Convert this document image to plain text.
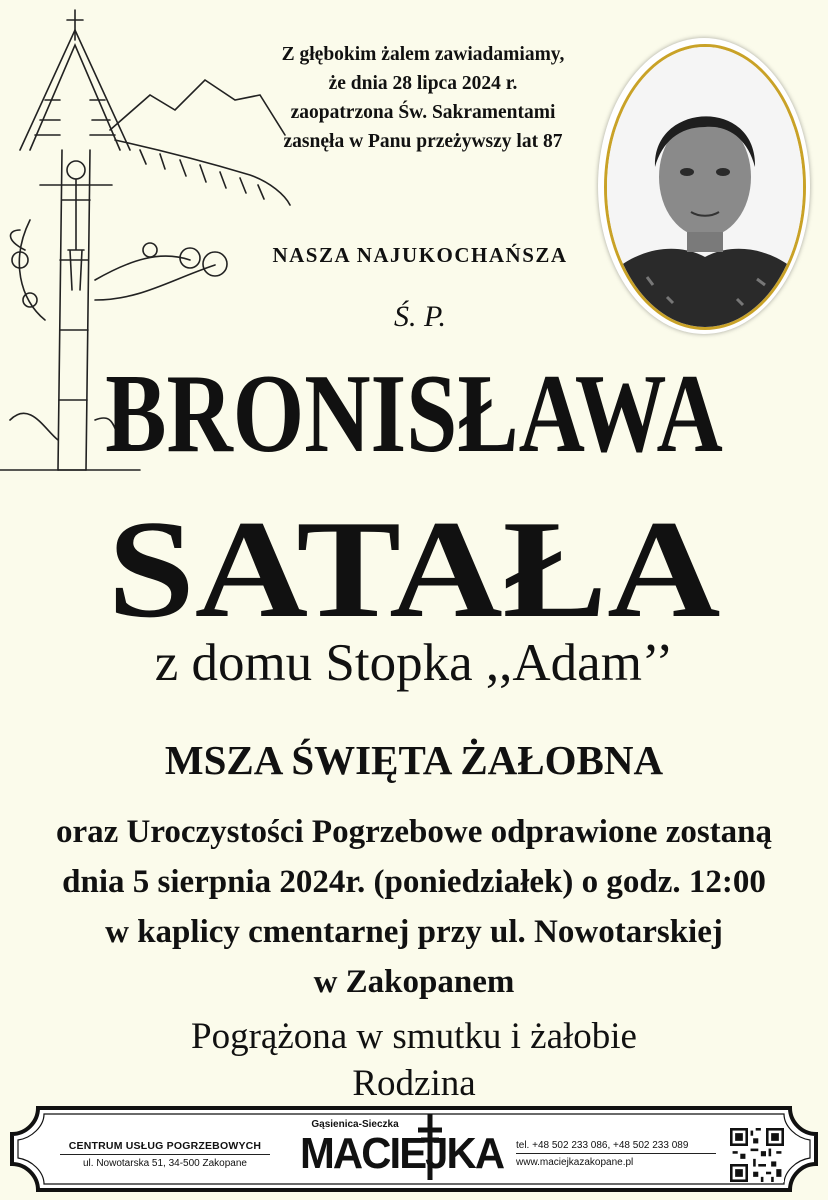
Z głębokim żalem zawiadamiamy,
że dnia 28 lipca 2024 r.
zaopatrzona Św. Sakramentami
zasnęła w Panu przeżywszy lat 87
NASZA NAJUKOCHAŃSZA
Ś. P.
BRONISŁAWA
SATAŁA
z domu Stopka ,,Adam’’
MSZA ŚWIĘTA ŻAŁOBNA
oraz Uroczystości Pogrzebowe odprawione zostaną
dnia 5 sierpnia 2024r. (poniedziałek) o godz. 12:00
w kaplicy cmentarnej przy ul. Nowotarskiej
w Zakopanem
Pogrążona w smutku i żałobie
Rodzina
CENTRUM USŁUG POGRZEBOWYCH
ul. Nowotarska 51, 34-500 Zakopane
Gąsienica-Sieczka
MACIEJKA tel. +48 502 233 086, +48 502 233 089
www.maciejkazakopane.pl
